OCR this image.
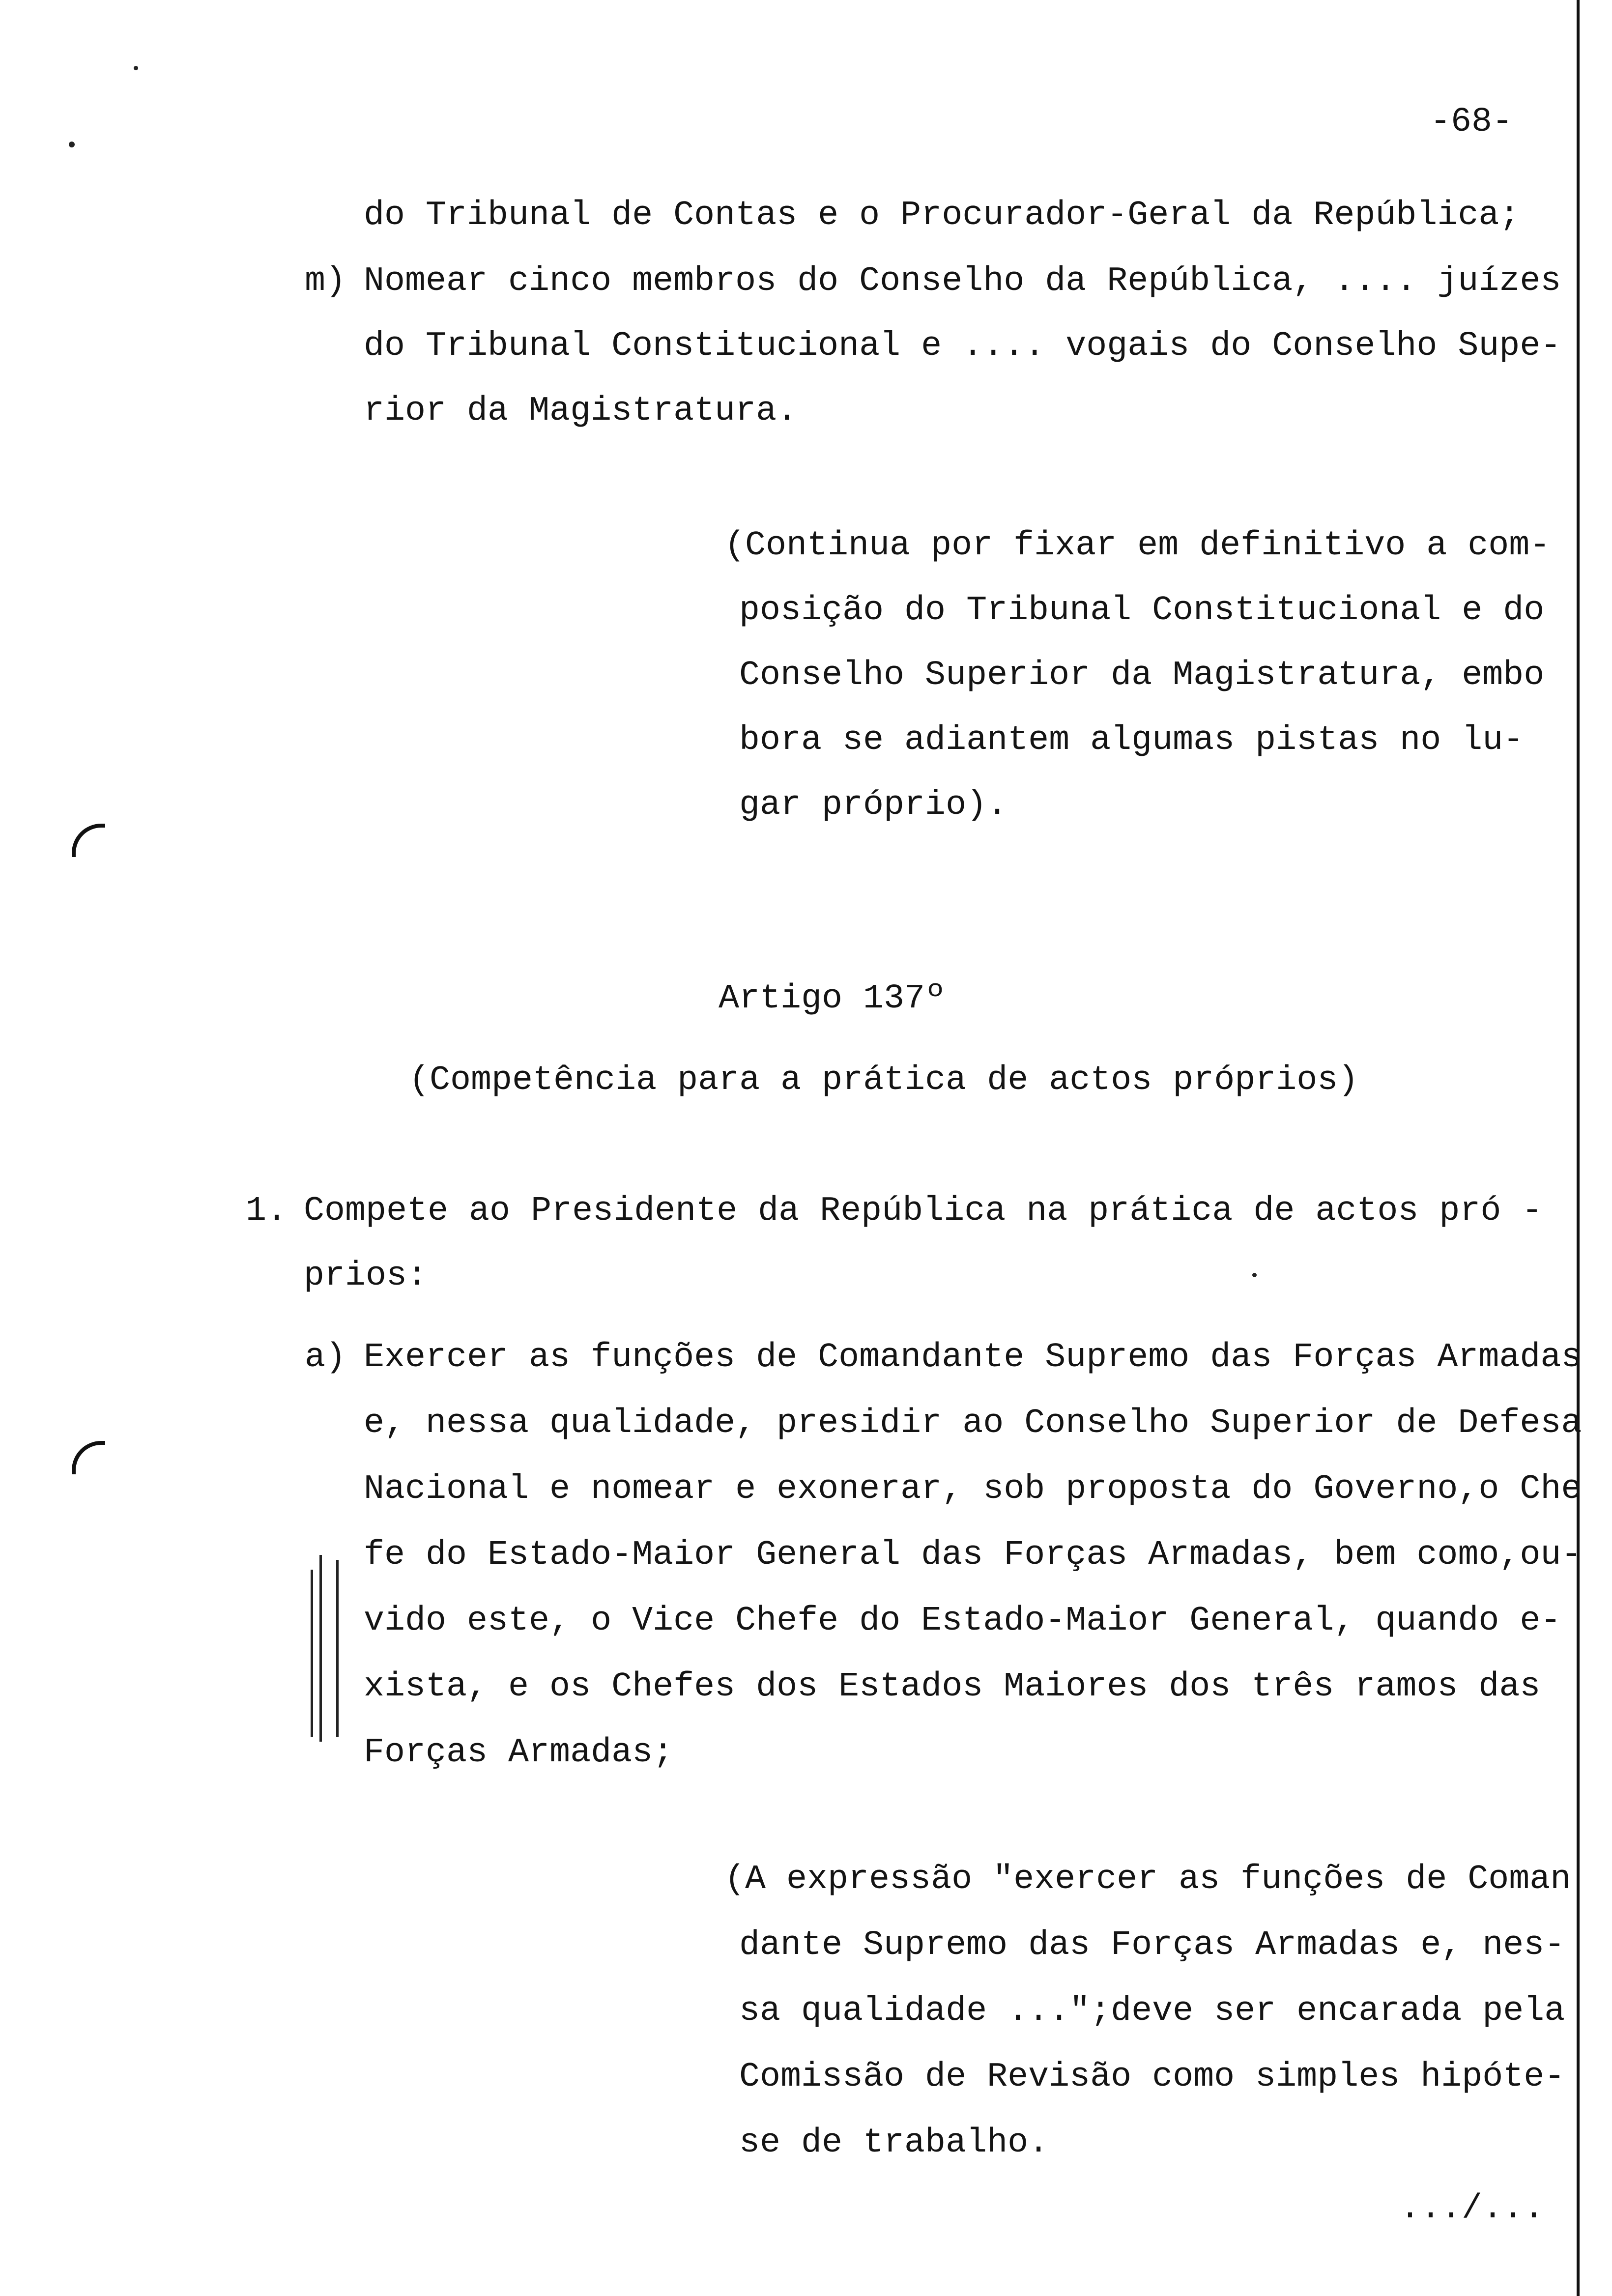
-68-

do Tribunal de Contas e o Procurador-Geral da República;

m) Nomear cinco membros do Conselho da República, .... juízes

do Tribunal Constitucional e .... vogais do Conselho Supe-

rior da Magistratura.

(Continua por fixar em definitivo a com-

posição do Tribunal Constitucional e do

Conselho Superior da Magistratura, embo

bora se adiantem algumas pistas no lu-

gar próprio).

Artigo 137º

(Competência para a prática de actos próprios)

1. Compete ao Presidente da República na prática de actos pró -

prios:

a) Exercer as funções de Comandante Supremo das Forças Armadas

e, nessa qualidade, presidir ao Conselho Superior de Defesa

Nacional e nomear e exonerar, sob proposta do Governo,o Che

fe do Estado-Maior General das Forças Armadas, bem como,ou-

vido este, o Vice Chefe do Estado-Maior General, quando e-

xista, e os Chefes dos Estados Maiores dos três ramos das

Forças Armadas;

(A expressão "exercer as funções de Coman

dante Supremo das Forças Armadas e, nes-

sa qualidade ...";deve ser encarada pela

Comissão de Revisão como simples hipóte-

se de trabalho.

.../...
